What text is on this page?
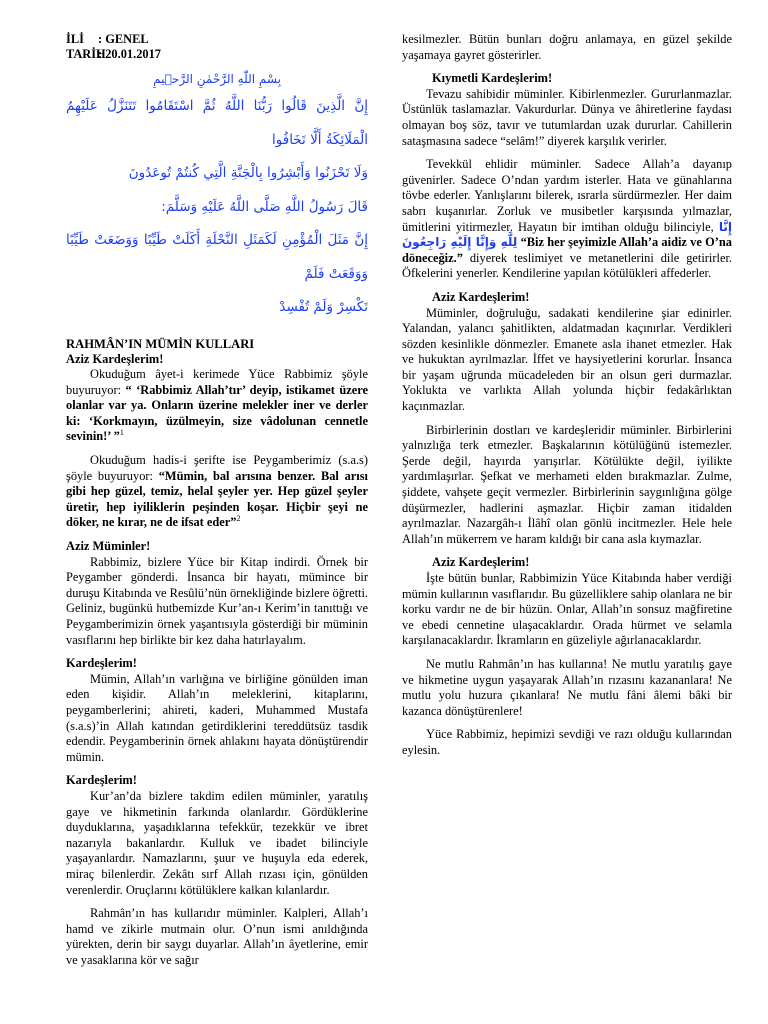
İLİ	: GENEL
TARİH
: 20.01.2017
بِسْمِ اللّٰهِ الرَّحْمٰنِ الرَّح۪يمِ
إِنَّ الَّذِينَ قَالُوا رَبُّنَا اللَّهُ ثُمَّ اسْتَقَامُوا تَتَنَزَّلُ عَلَيْهِمُ الْمَلَائِكَةُ أَلَّا تَخَافُوا
وَلَا تَحْزَنُوا وَأَبْشِرُوا بِالْجَنَّةِ الَّتِي كُنتُمْ تُوعَدُونَ
قَالَ رَسُولُ اللَّهِ صَلَّى اللَّهُ عَلَيْهِ وَسَلَّمَ:
إِنَّ مَثَلَ الْمُؤْمِنِ لَكَمَثَلِ النَّحْلَةِ أَكَلَتْ طَيِّبًا وَوَضَعَتْ طَيِّبًا وَوَقَعَتْ فَلَمْ
تَكْسِرْ وَلَمْ تُفْسِدْ
RAHMÂN’IN MÜMİN KULLARI
Aziz Kardeşlerim!

Okuduğum âyet-i kerimede Yüce Rabbimiz şöyle buyuruyor: “ ‘Rabbimiz Allah’tır’ deyip, istikamet üzere olanlar var ya. Onların üzerine melekler iner ve derler ki: ‘Korkmayın, üzülmeyin, size vâdolunan cennetle sevinin!’ ”$^1$

Okuduğum hadis-i şerifte ise Peygamberimiz (s.a.s) şöyle buyuruyor: “Mümin, bal arısına benzer. Bal arısı gibi hep güzel, temiz, helal şeyler yer. Hep güzel şeyler üretir, hep iyiliklerin peşinden koşar. Hiçbir şeyi ne döker, ne kırar, ne de ifsat eder”$^2$

Aziz Müminler!

Rabbimiz, bizlere Yüce bir Kitap indirdi. Örnek bir Peygamber gönderdi. İnsanca bir hayatı, mümince bir duruşu Kitabında ve Resûlü’nün örnekliğinde bizlere öğretti. Geliniz, bugünkü hutbemizde Kur’an-ı Kerim’in tanıttığı ve Peygamberimizin örnek yaşantısıyla gösterdiği bir müminin vasıflarını hep birlikte bir kez daha hatırlayalım.

Kardeşlerim!

Mümin, Allah’ın varlığına ve birliğine gönülden iman eden kişidir. Allah’ın meleklerini, kitaplarını, peygamberlerini; ahireti, kaderi, Muhammed Mustafa (s.a.s)’in Allah katından getirdiklerini tereddütsüz tasdik edendir. Peygamberinin örnek ahlakını hayata dönüştürendir mümin.

Kardeşlerim!

Kur’an’da bizlere takdim edilen müminler, yaratılış gaye ve hikmetinin farkında olanlardır. Gördüklerine duyduklarına, yaşadıklarına tefekkür, tezekkür ve ibret nazarıyla bakanlardır. Kulluk ve ibadet bilinciyle yaşayanlardır. Namazlarını, şuur ve huşuyla eda ederek, miraç bilenlerdir. Zekâtı sırf Allah rızası için, gönülden verenlerdir. Oruçlarını kötülüklere kalkan kılanlardır.

Rahmân’ın has kullarıdır müminler. Kalpleri, Allah’ı hamd ve zikirle mutmain olur. O’nun ismi anıldığında yürekten, derin bir saygı duyarlar. Allah’ın âyetlerine, emir ve yasaklarına kör ve sağır

kesilmezler. Bütün bunları doğru anlamaya, en güzel şekilde yaşamaya gayret gösterirler.

Kıymetli Kardeşlerim!

Tevazu sahibidir müminler. Kibirlenmezler. Gururlanmazlar. Üstünlük taslamazlar. Vakurdurlar. Dünya ve âhiretlerine faydası olmayan boş söz, tavır ve tutumlardan uzak dururlar. Cahillerin sataşmasına sadece “selâm!” diyerek karşılık verirler.

Tevekkül ehlidir müminler. Sadece Allah’a dayanıp güvenirler. Sadece O’ndan yardım isterler. Hata ve günahlarına tövbe ederler. Yanlışlarını bilerek, ısrarla sürdürmezler. Her daim sabrı kuşanırlar. Zorluk ve musibetler karşısında yılmazlar, ümitlerini yitirmezler. Hayatın bir imtihan olduğu bilinciyle, إِنَّا لِلَّهِ وَإِنَّا إِلَيْهِ رَاجِعُونَ “Biz her şeyimizle Allah’a aidiz ve O’na döneceğiz.” diyerek teslimiyet ve metanetlerini dile getirirler. Öfkelerini yenerler. Kendilerine yapılan kötülükleri affederler.

Aziz Kardeşlerim!

Müminler, doğruluğu, sadakati kendilerine şiar edinirler. Yalandan, yalancı şahitlikten, aldatmadan kaçınırlar. Verdikleri sözden kesinlikle dönmezler. Emanete asla ihanet etmezler. Hak ve hukuktan ayrılmazlar. İffet ve haysiyetlerini korurlar. İnsanca bir yaşam uğrunda mücadeleden bir an olsun geri durmazlar. Yoklukta ve varlıkta Allah yolunda hiçbir fedakârlıktan kaçınmazlar.

Birbirlerinin dostları ve kardeşleridir müminler. Birbirlerini yalnızlığa terk etmezler. Başkalarının kötülüğünü istemezler. Şerde değil, hayırda yarışırlar. Kötülükte değil, iyilikte yardımlaşırlar. Şefkat ve merhameti elden bırakmazlar. Zulme, şiddete, vahşete geçit vermezler. Birbirlerinin saygınlığına gölge düşürmezler, hadlerini aşmazlar. Hiçbir zaman itidalden ayrılmazlar. Nazargâh-ı İlâhî olan gönlü incitmezler. Hele hele Allah’ın mükerrem ve haram kıldığı bir cana asla kıymazlar.

Aziz Kardeşlerim!

İşte bütün bunlar, Rabbimizin Yüce Kitabında haber verdiği mümin kullarının vasıflarıdır. Bu güzelliklere sahip olanlara ne bir korku vardır ne de bir hüzün. Onlar, Allah’ın sonsuz mağfiretine ve ebedi cennetine ulaşacaklardır. Orada hürmet ve selamla karşılanacaklardır. İkramların en güzeliyle ağırlanacaklardır.

Ne mutlu Rahmân’ın has kullarına! Ne mutlu yaratılış gaye ve hikmetine uygun yaşayarak Allah’ın rızasını kazananlara! Ne mutlu yolu huzura çıkanlara! Ne mutlu fâni âlemi bâki bir kazanca dönüştürenlere!

Yüce Rabbimiz, hepimizi sevdiği ve razı olduğu kullarından eylesin.
